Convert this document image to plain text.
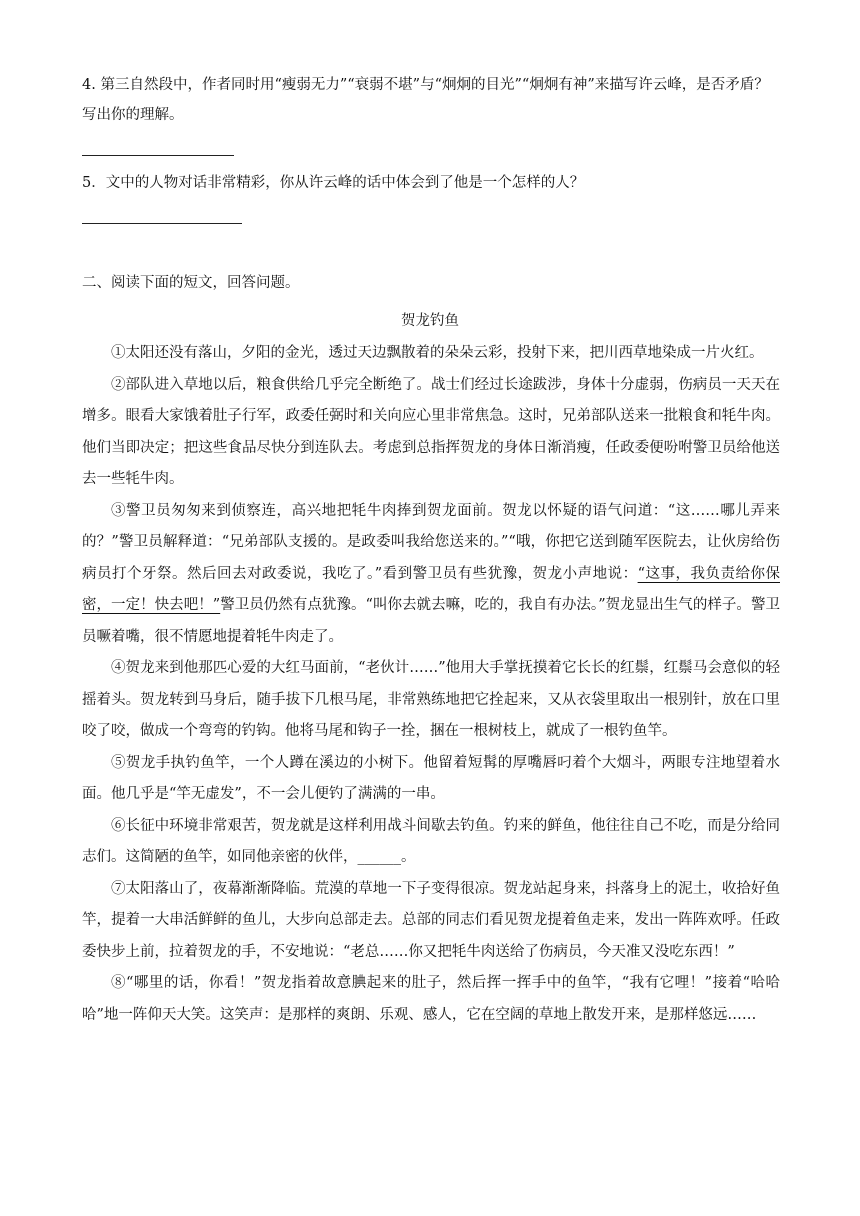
4. 第三自然段中，作者同时用“瘦弱无力”“衰弱不堪”与“炯炯的目光”“炯炯有神”来描写许云峰，是否矛盾？
写出你的理解。
5．文中的人物对话非常精彩，你从许云峰的话中体会到了他是一个怎样的人？
二、阅读下面的短文，回答问题。
贺龙钓鱼

①太阳还没有落山，夕阳的金光，透过天边飘散着的朵朵云彩，投射下来，把川西草地染成一片火红。

②部队进入草地以后，粮食供给几乎完全断绝了。战士们经过长途跋涉，身体十分虚弱，伤病员一天天在增多。眼看大家饿着肚子行军，政委任弼时和关向应心里非常焦急。这时，兄弟部队送来一批粮食和牦牛肉。他们当即决定；把这些食品尽快分到连队去。考虑到总指挥贺龙的身体日渐消瘦，任政委便吩咐警卫员给他送去一些牦牛肉。

③警卫员匆匆来到侦察连，高兴地把牦牛肉捧到贺龙面前。贺龙以怀疑的语气问道：“这……哪儿弄来的？”警卫员解释道：“兄弟部队支援的。是政委叫我给您送来的。”“哦，你把它送到随军医院去，让伙房给伤病员打个牙祭。然后回去对政委说，我吃了。”看到警卫员有些犹豫，贺龙小声地说：“这事，我负责给你保密，一定！快去吧！”警卫员仍然有点犹豫。“叫你去就去嘛，吃的，我自有办法。”贺龙显出生气的样子。警卫员噘着嘴，很不情愿地提着牦牛肉走了。

④贺龙来到他那匹心爱的大红马面前，“老伙计……”他用大手掌抚摸着它长长的红鬃，红鬃马会意似的轻摇着头。贺龙转到马身后，随手拔下几根马尾，非常熟练地把它拴起来，又从衣袋里取出一根别针，放在口里咬了咬，做成一个弯弯的钓钩。他将马尾和钩子一拴，捆在一根树枝上，就成了一根钓鱼竿。

⑤贺龙手执钓鱼竿，一个人蹲在溪边的小树下。他留着短髯的厚嘴唇叼着个大烟斗，两眼专注地望着水面。他几乎是“竿无虚发”，不一会儿便钓了满满的一串。

⑥长征中环境非常艰苦，贺龙就是这样利用战斗间歇去钓鱼。钓来的鲜鱼，他往往自己不吃，而是分给同志们。这简陋的鱼竿，如同他亲密的伙伴，______。

⑦太阳落山了，夜幕渐渐降临。荒漠的草地一下子变得很凉。贺龙站起身来，抖落身上的泥土，收拾好鱼竿，提着一大串活鲜鲜的鱼儿，大步向总部走去。总部的同志们看见贺龙提着鱼走来，发出一阵阵欢呼。任政委快步上前，拉着贺龙的手，不安地说：“老总……你又把牦牛肉送给了伤病员，今天准又没吃东西！”

⑧“哪里的话，你看！”贺龙指着故意腆起来的肚子，然后挥一挥手中的鱼竿，“我有它哩！”接着“哈哈哈”地一阵仰天大笑。这笑声：是那样的爽朗、乐观、感人，它在空阔的草地上散发开来，是那样悠远……
